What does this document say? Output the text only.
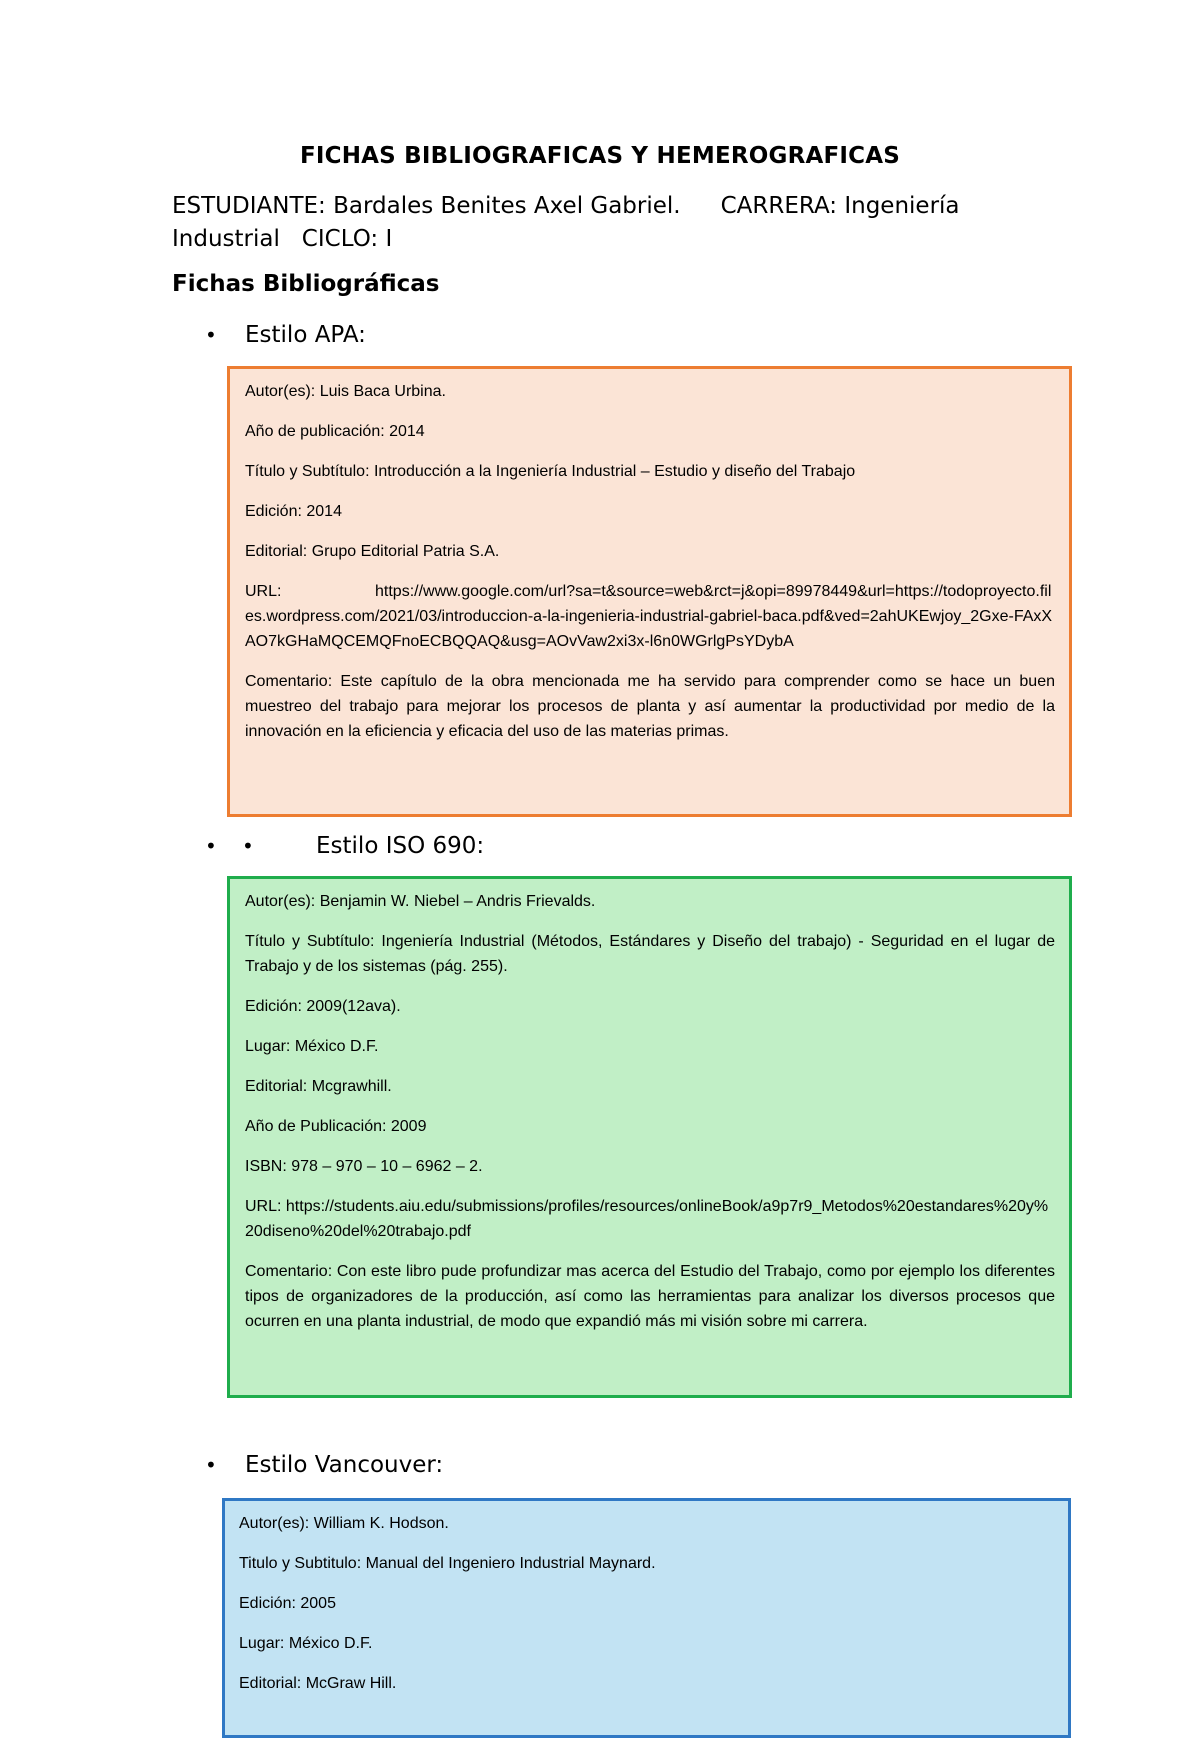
FICHAS BIBLIOGRAFICAS Y HEMEROGRAFICAS
ESTUDIANTE: Bardales Benites Axel Gabriel. CARRERA: Ingeniería
Industrial   CICLO: I
Fichas Bibliográficas
• Estilo APA:

Autor(es): Luis Baca Urbina.

Año de publicación: 2014

Título y Subtítulo: Introducción a la Ingeniería Industrial – Estudio y diseño del Trabajo

Edición: 2014

Editorial: Grupo Editorial Patria S.A.

URL:	https://www.google.com/url?sa=t&source=web&rct=j&opi=89978449&url=https://todoproyecto.files.wordpress.com/2021/03/introduccion-a-la-ingenieria-industrial-gabriel-baca.pdf&ved=2ahUKEwjoy_2Gxe-FAxXAO7kGHaMQCEMQFnoECBQQAQ&usg=AOvVaw2xi3x-l6n0WGrlgPsYDybA

Comentario: Este capítulo de la obra mencionada me ha servido para comprender como se hace un buen muestreo del trabajo para mejorar los procesos de planta y así aumentar la productividad por medio de la innovación en la eficiencia y eficacia del uso de las materias primas.

• •	Estilo ISO 690:

Autor(es): Benjamin W. Niebel – Andris Frievalds.

Título y Subtítulo: Ingeniería Industrial (Métodos, Estándares y Diseño del trabajo) - Seguridad en el lugar de Trabajo y de los sistemas (pág. 255).

Edición: 2009(12ava).

Lugar: México D.F.

Editorial: Mcgrawhill.

Año de Publicación: 2009

ISBN: 978 – 970 – 10 – 6962 – 2.

URL: https://students.aiu.edu/submissions/profiles/resources/onlineBook/a9p7r9_Metodos%20estandares%20y%20diseno%20del%20trabajo.pdf

Comentario: Con este libro pude profundizar mas acerca del Estudio del Trabajo, como por ejemplo los diferentes tipos de organizadores de la producción, así como las herramientas para analizar los diversos procesos que ocurren en una planta industrial, de modo que expandió más mi visión sobre mi carrera.

• Estilo Vancouver:

Autor(es): William K. Hodson.

Titulo y Subtitulo: Manual del Ingeniero Industrial Maynard.

Edición: 2005

Lugar: México D.F.

Editorial: McGraw Hill.
